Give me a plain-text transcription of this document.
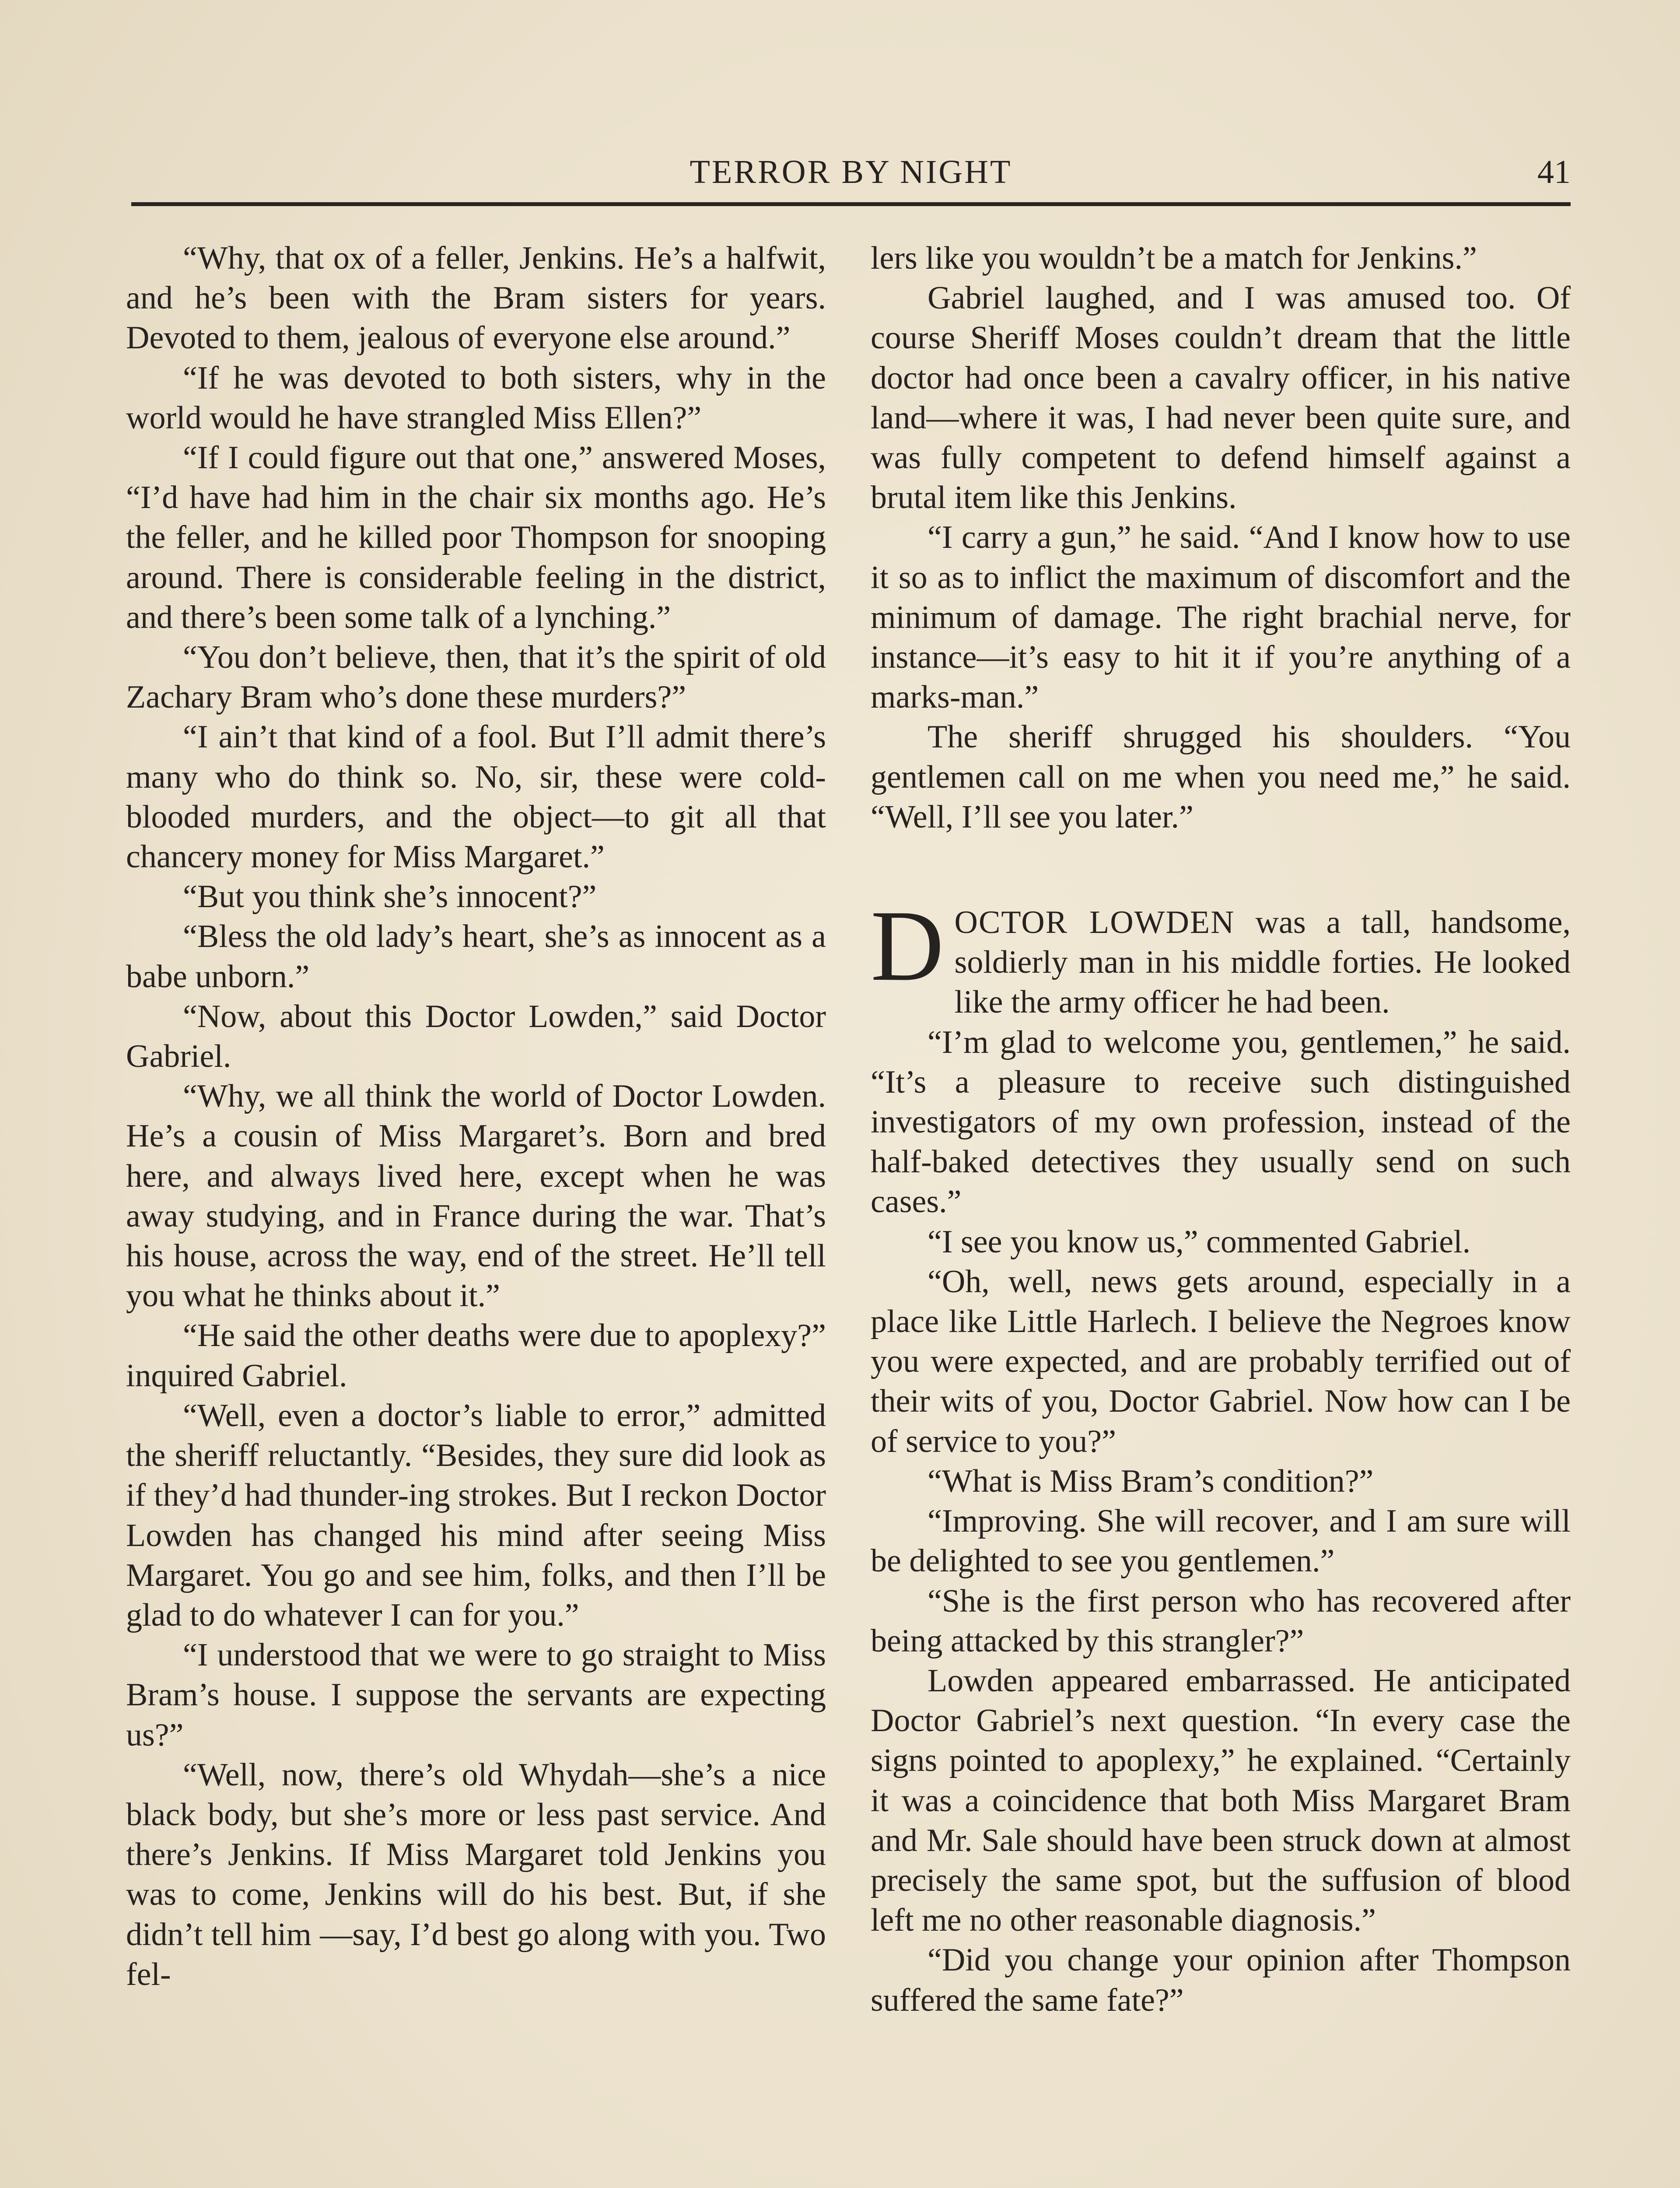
TERROR BY NIGHT	41

“Why, that ox of a feller, Jenkins. He’s a halfwit, and he’s been with the Bram sisters for years. Devoted to them, jealous of everyone else around.”

“If he was devoted to both sisters, why in the world would he have strangled Miss Ellen?”

“If I could figure out that one,” answered Moses, “I’d have had him in the chair six months ago. He’s the feller, and he killed poor Thompson for snooping around. There is considerable feeling in the district, and there’s been some talk of a lynching.”

“You don’t believe, then, that it’s the spirit of old Zachary Bram who’s done these murders?”

“I ain’t that kind of a fool. But I’ll admit there’s many who do think so. No, sir, these were cold-blooded murders, and the object—to git all that chancery money for Miss Margaret.”

“But you think she’s innocent?”

“Bless the old lady’s heart, she’s as innocent as a babe unborn.”

“Now, about this Doctor Lowden,” said Doctor Gabriel.

“Why, we all think the world of Doctor Lowden. He’s a cousin of Miss Margaret’s. Born and bred here, and always lived here, except when he was away studying, and in France during the war. That’s his house, across the way, end of the street. He’ll tell you what he thinks about it.”

“He said the other deaths were due to apoplexy?” inquired Gabriel.

“Well, even a doctor’s liable to error,” admitted the sheriff reluctantly. “Besides, they sure did look as if they’d had thunder-ing strokes. But I reckon Doctor Lowden has changed his mind after seeing Miss Margaret. You go and see him, folks, and then I’ll be glad to do whatever I can for you.”

“I understood that we were to go straight to Miss Bram’s house. I suppose the servants are expecting us?”

“Well, now, there’s old Whydah—she’s a nice black body, but she’s more or less past service. And there’s Jenkins. If Miss Margaret told Jenkins you was to come, Jenkins will do his best. But, if she didn’t tell him —say, I’d best go along with you. Two fel-

lers like you wouldn’t be a match for Jenkins.”

Gabriel laughed, and I was amused too. Of course Sheriff Moses couldn’t dream that the little doctor had once been a cavalry officer, in his native land—where it was, I had never been quite sure, and was fully competent to defend himself against a brutal item like this Jenkins.

“I carry a gun,” he said. “And I know how to use it so as to inflict the maximum of discomfort and the minimum of damage. The right brachial nerve, for instance—it’s easy to hit it if you’re anything of a marks-man.”

The sheriff shrugged his shoulders. “You gentlemen call on me when you need me,” he said. “Well, I’ll see you later.”

DOCTOR LOWDEN was a tall, handsome, soldierly man in his middle forties. He looked like the army officer he had been.

“I’m glad to welcome you, gentlemen,” he said. “It’s a pleasure to receive such distinguished investigators of my own profession, instead of the half-baked detectives they usually send on such cases.”

“I see you know us,” commented Gabriel.

“Oh, well, news gets around, especially in a place like Little Harlech. I believe the Negroes know you were expected, and are probably terrified out of their wits of you, Doctor Gabriel. Now how can I be of service to you?”

“What is Miss Bram’s condition?”

“Improving. She will recover, and I am sure will be delighted to see you gentlemen.”

“She is the first person who has recovered after being attacked by this strangler?”

Lowden appeared embarrassed. He anticipated Doctor Gabriel’s next question. “In every case the signs pointed to apoplexy,” he explained. “Certainly it was a coincidence that both Miss Margaret Bram and Mr. Sale should have been struck down at almost precisely the same spot, but the suffusion of blood left me no other reasonable diagnosis.”

“Did you change your opinion after Thompson suffered the same fate?”
